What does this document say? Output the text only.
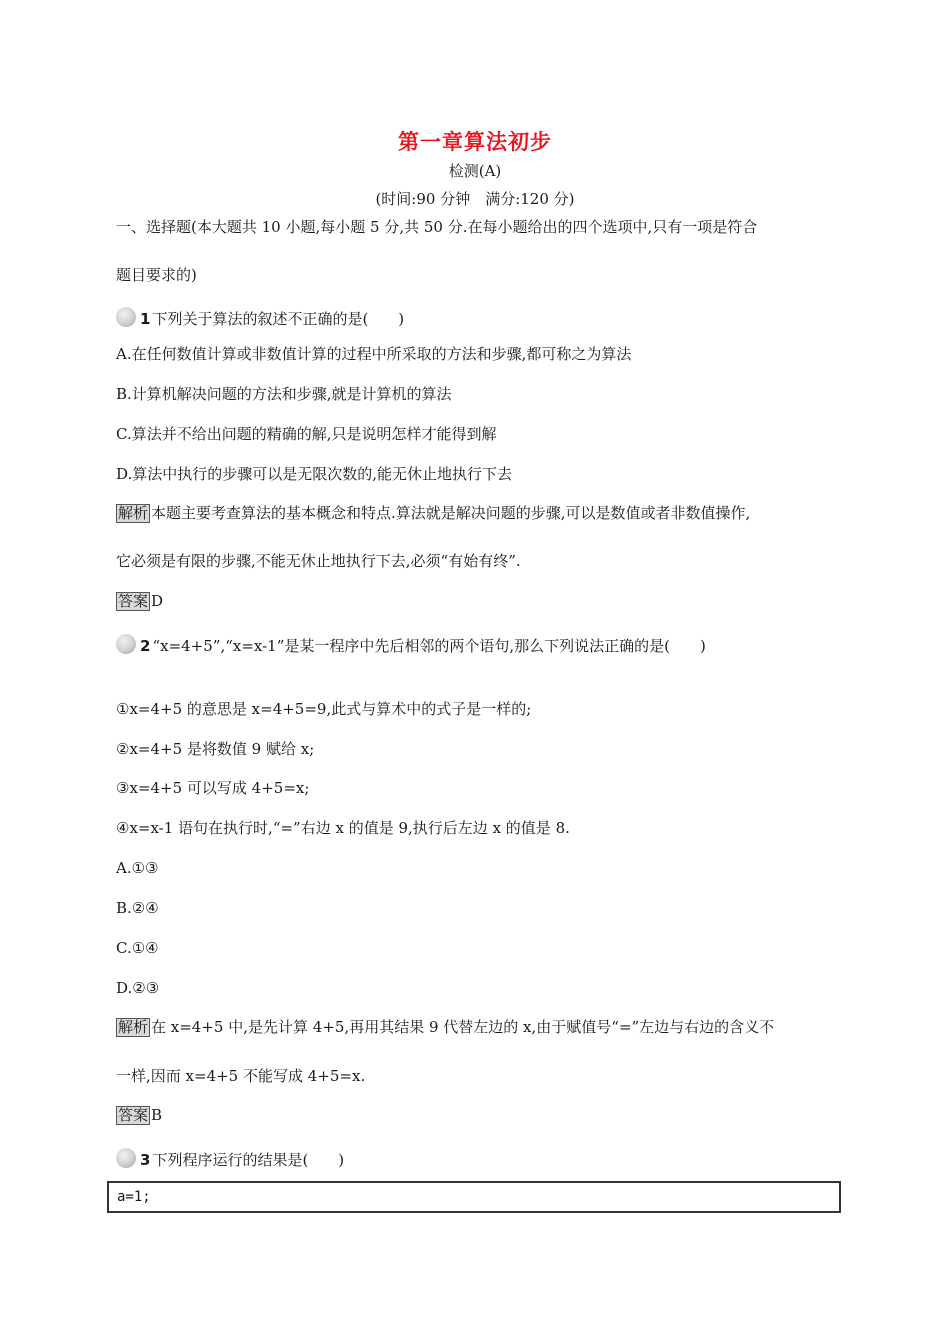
第一章算法初步
检测(A)
(时间:90 分钟　满分:120 分)
一、选择题(本大题共 10 小题,每小题 5 分,共 50 分.在每小题给出的四个选项中,只有一项是符合
题目要求的)
1 下列关于算法的叙述不正确的是(　　)
A.在任何数值计算或非数值计算的过程中所采取的方法和步骤,都可称之为算法
B.计算机解决问题的方法和步骤,就是计算机的算法
C.算法并不给出问题的精确的解,只是说明怎样才能得到解
D.算法中执行的步骤可以是无限次数的,能无休止地执行下去
解析 本题主要考查算法的基本概念和特点.算法就是解决问题的步骤,可以是数值或者非数值操作,
它必须是有限的步骤,不能无休止地执行下去,必须“有始有终”.
答案 D
2 “x=4+5”,“x=x-1”是某一程序中先后相邻的两个语句,那么下列说法正确的是(　　)
①x=4+5 的意思是 x=4+5=9,此式与算术中的式子是一样的;
②x=4+5 是将数值 9 赋给 x;
③x=4+5 可以写成 4+5=x;
④x=x-1 语句在执行时,“=”右边 x 的值是 9,执行后左边 x 的值是 8.
A.①③
B.②④
C.①④
D.②③
解析 在 x=4+5 中,是先计算 4+5,再用其结果 9 代替左边的 x,由于赋值号“=”左边与右边的含义不
一样,因而 x=4+5 不能写成 4+5=x.
答案 B
3 下列程序运行的结果是(　　)
a=1;
